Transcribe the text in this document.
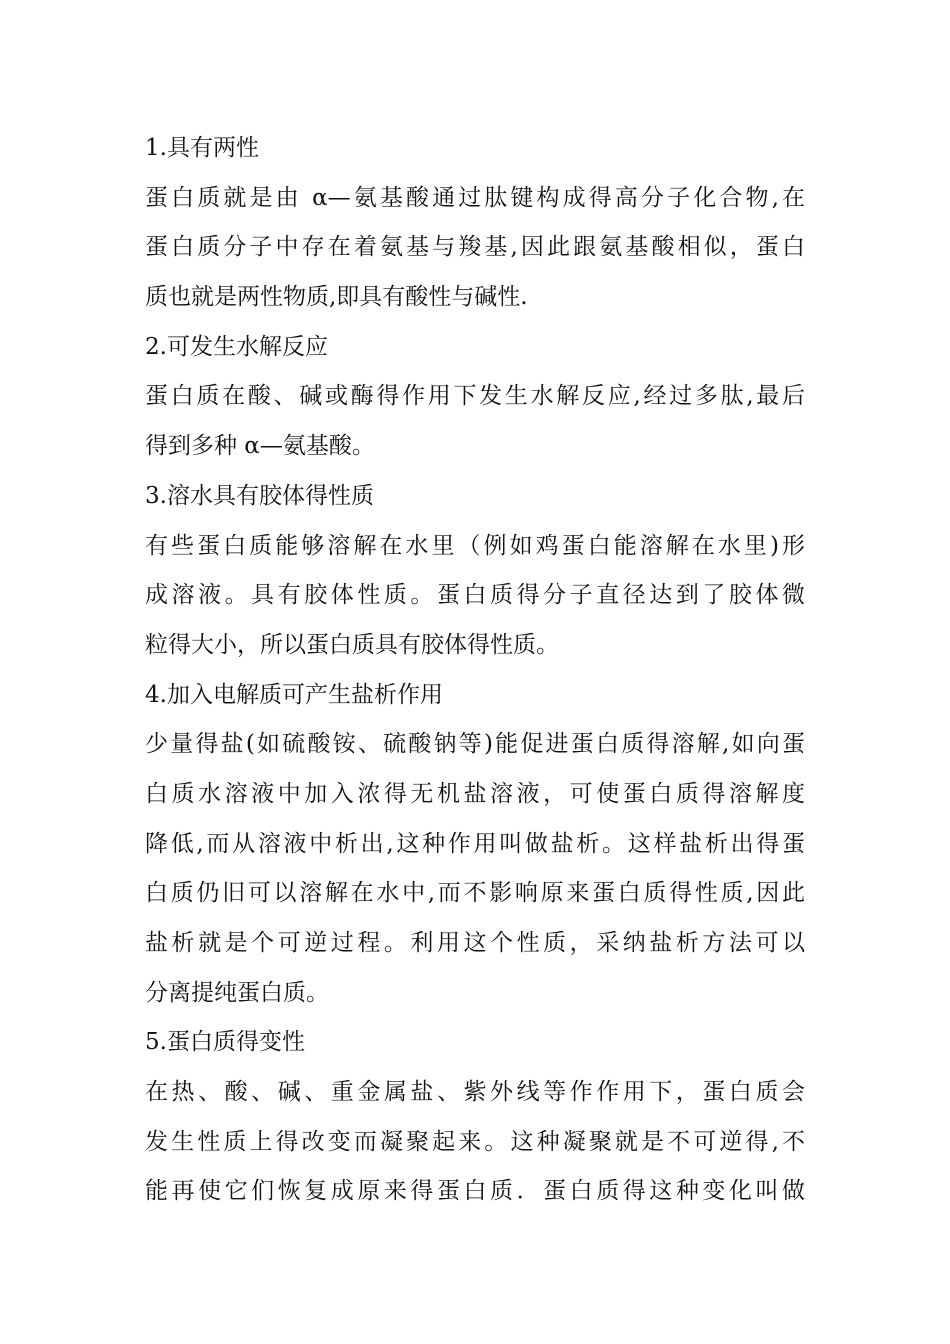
1.具有两性
蛋白质就是由 α—氨基酸通过肽键构成得高分子化合物,在
蛋白质分子中存在着氨基与羧基,因此跟氨基酸相似，蛋白
质也就是两性物质,即具有酸性与碱性.
2.可发生水解反应
蛋白质在酸、碱或酶得作用下发生水解反应,经过多肽,最后
得到多种 α—氨基酸。
3.溶水具有胶体得性质
有些蛋白质能够溶解在水里（例如鸡蛋白能溶解在水里)形
成溶液。具有胶体性质。蛋白质得分子直径达到了胶体微
粒得大小，所以蛋白质具有胶体得性质。
4.加入电解质可产生盐析作用
少量得盐(如硫酸铵、硫酸钠等)能促进蛋白质得溶解,如向蛋
白质水溶液中加入浓得无机盐溶液，可使蛋白质得溶解度
降低,而从溶液中析出,这种作用叫做盐析。这样盐析出得蛋
白质仍旧可以溶解在水中,而不影响原来蛋白质得性质,因此
盐析就是个可逆过程。利用这个性质，采纳盐析方法可以
分离提纯蛋白质。
5.蛋白质得变性
在热、酸、碱、重金属盐、紫外线等作作用下，蛋白质会
发生性质上得改变而凝聚起来。这种凝聚就是不可逆得,不
能再使它们恢复成原来得蛋白质．蛋白质得这种变化叫做
